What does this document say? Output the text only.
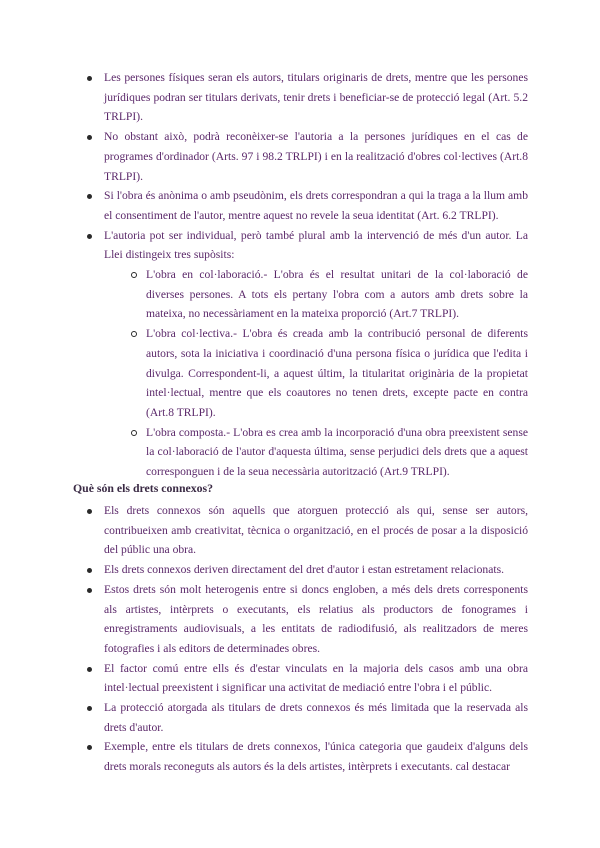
Les persones físiques seran els autors, titulars originaris de drets, mentre que les persones jurídiques podran ser titulars derivats, tenir drets i beneficiar-se de protecció legal (Art. 5.2 TRLPI).
No obstant això, podrà reconèixer-se l'autoria a la persones jurídiques en el cas de programes d'ordinador (Arts. 97 i 98.2 TRLPI) i en la realització d'obres col·lectives (Art.8 TRLPI).
Si l'obra és anònima o amb pseudònim, els drets correspondran a qui la traga a la llum amb el consentiment de l'autor, mentre aquest no revele la seua identitat (Art. 6.2 TRLPI).
L'autoria pot ser individual, però també plural amb la intervenció de més d'un autor. La Llei distingeix tres supòsits:
L'obra en col·laboració.- L'obra és el resultat unitari de la col·laboració de diverses persones. A tots els pertany l'obra com a autors amb drets sobre la mateixa, no necessàriament en la mateixa proporció (Art.7 TRLPI).
L'obra col·lectiva.- L'obra és creada amb la contribució personal de diferents autors, sota la iniciativa i coordinació d'una persona física o jurídica que l'edita i divulga. Correspondent-li, a aquest últim, la titularitat originària de la propietat intel·lectual, mentre que els coautores no tenen drets, excepte pacte en contra (Art.8 TRLPI).
L'obra composta.- L'obra es crea amb la incorporació d'una obra preexistent sense la col·laboració de l'autor d'aquesta última, sense perjudici dels drets que a aquest corresponguen i de la seua necessària autorització (Art.9 TRLPI).
Què són els drets connexos?
Els drets connexos són aquells que atorguen protecció als qui, sense ser autors, contribueixen amb creativitat, tècnica o organització, en el procés de posar a la disposició del públic una obra.
Els drets connexos deriven directament del dret d'autor i estan estretament relacionats.
Estos drets són molt heterogenis entre si doncs engloben, a més dels drets corresponents als artistes, intèrprets o executants, els relatius als productors de fonogrames i enregistraments audiovisuals, a les entitats de radiodifusió, als realitzadors de meres fotografies i als editors de determinades obres.
El factor comú entre ells és d'estar vinculats en la majoria dels casos amb una obra intel·lectual preexistent i significar una activitat de mediació entre l'obra i el públic.
La protecció atorgada als titulars de drets connexos és més limitada que la reservada als drets d'autor.
Exemple, entre els titulars de drets connexos, l'única categoria que gaudeix d'alguns dels drets morals reconeguts als autors és la dels artistes, intèrprets i executants. cal destacar
